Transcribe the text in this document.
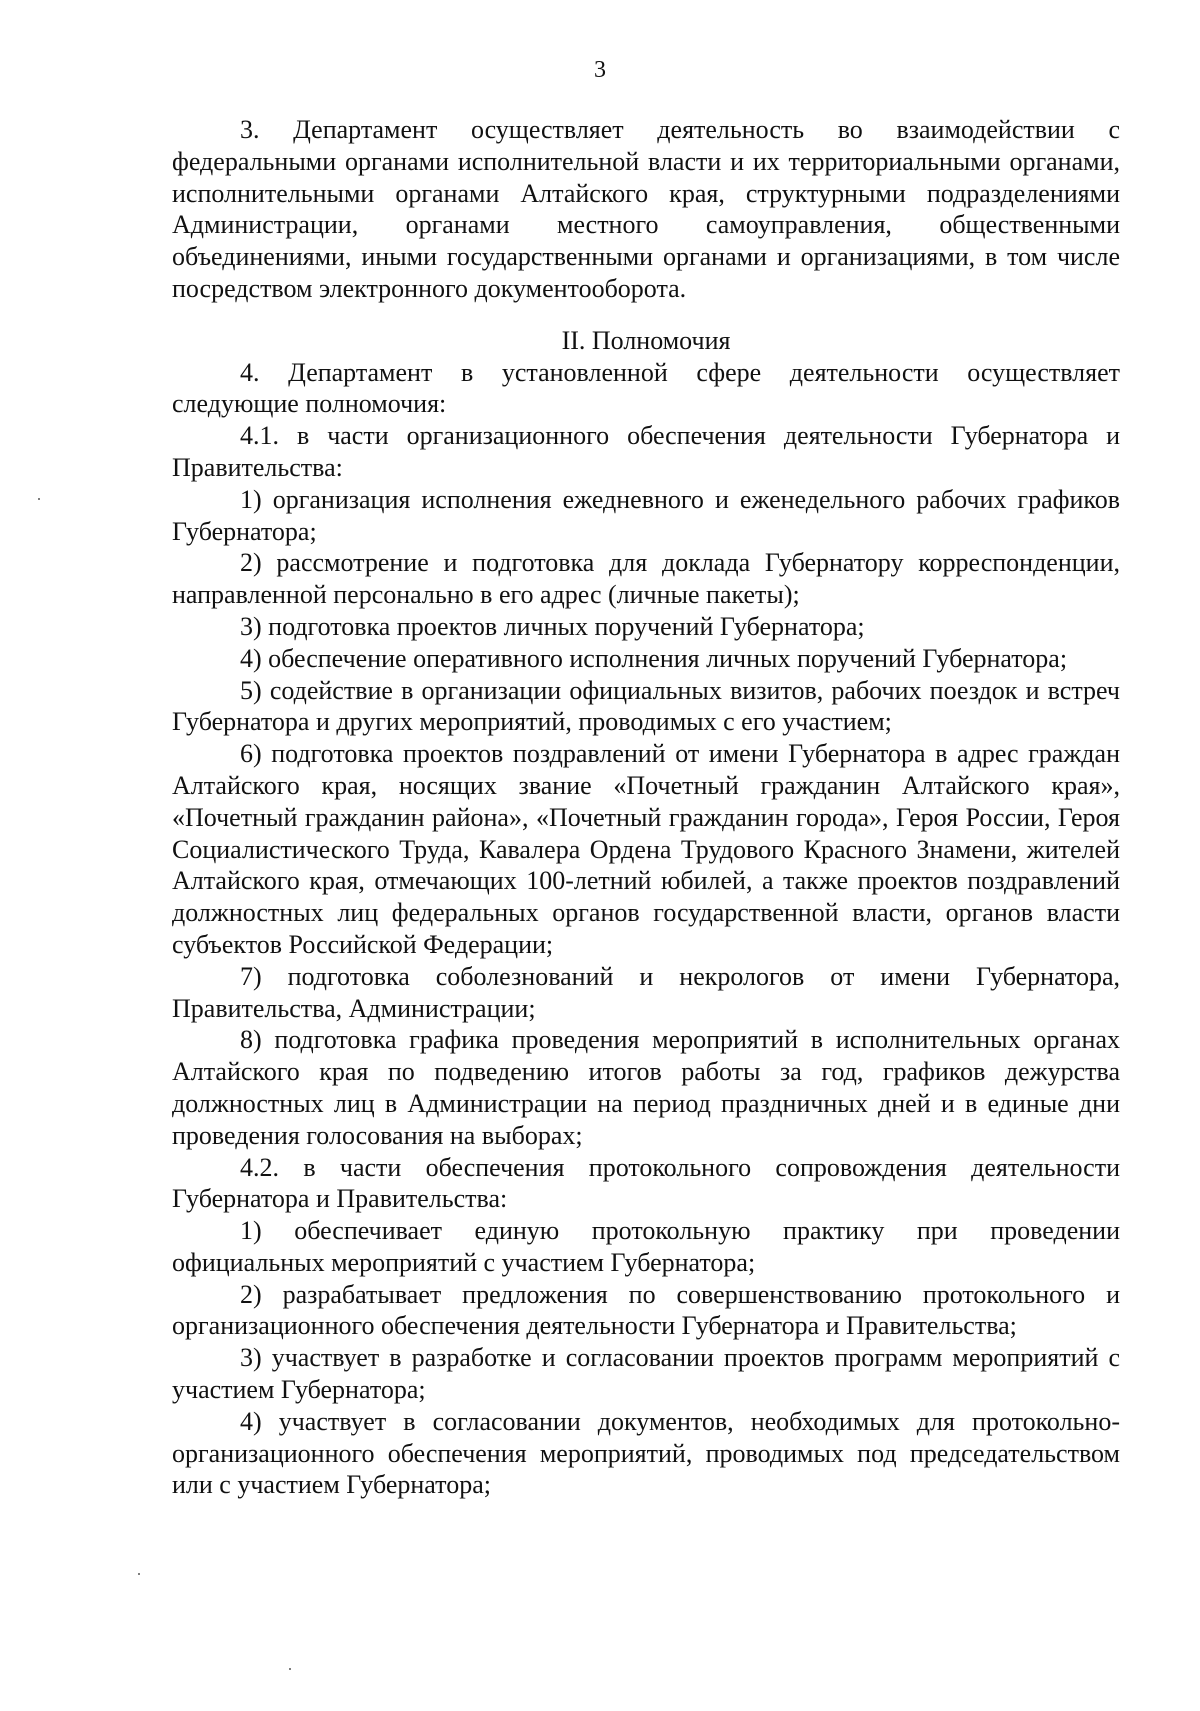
3

3. Департамент осуществляет деятельность во взаимодействии с федеральными органами исполнительной власти и их территориальными органами, исполнительными органами Алтайского края, структурными подразделениями Администрации, органами местного самоуправления, общественными объединениями, иными государственными органами и организациями, в том числе посредством электронного документооборота.

II. Полномочия

4. Департамент в установленной сфере деятельности осуществляет следующие полномочия:

4.1. в части организационного обеспечения деятельности Губернатора и Правительства:

1) организация исполнения ежедневного и еженедельного рабочих графиков Губернатора;

2) рассмотрение и подготовка для доклада Губернатору корреспонденции, направленной персонально в его адрес (личные пакеты);

3) подготовка проектов личных поручений Губернатора;

4) обеспечение оперативного исполнения личных поручений Губернатора;

5) содействие в организации официальных визитов, рабочих поездок и встреч Губернатора и других мероприятий, проводимых с его участием;

6) подготовка проектов поздравлений от имени Губернатора в адрес граждан Алтайского края, носящих звание «Почетный гражданин Алтайского края», «Почетный гражданин района», «Почетный гражданин города», Героя России, Героя Социалистического Труда, Кавалера Ордена Трудового Красного Знамени, жителей Алтайского края, отмечающих 100-летний юбилей, а также проектов поздравлений должностных лиц федеральных органов государственной власти, органов власти субъектов Российской Федерации;

7) подготовка соболезнований и некрологов от имени Губернатора, Правительства, Администрации;

8) подготовка графика проведения мероприятий в исполнительных органах Алтайского края по подведению итогов работы за год, графиков дежурства должностных лиц в Администрации на период праздничных дней и в единые дни проведения голосования на выборах;

4.2. в части обеспечения протокольного сопровождения деятельности Губернатора и Правительства:

1) обеспечивает единую протокольную практику при проведении официальных мероприятий с участием Губернатора;

2) разрабатывает предложения по совершенствованию протокольного и организационного обеспечения деятельности Губернатора и Правительства;

3) участвует в разработке и согласовании проектов программ мероприятий с участием Губернатора;

4) участвует в согласовании документов, необходимых для протокольно-организационного обеспечения мероприятий, проводимых под председательством или с участием Губернатора;
